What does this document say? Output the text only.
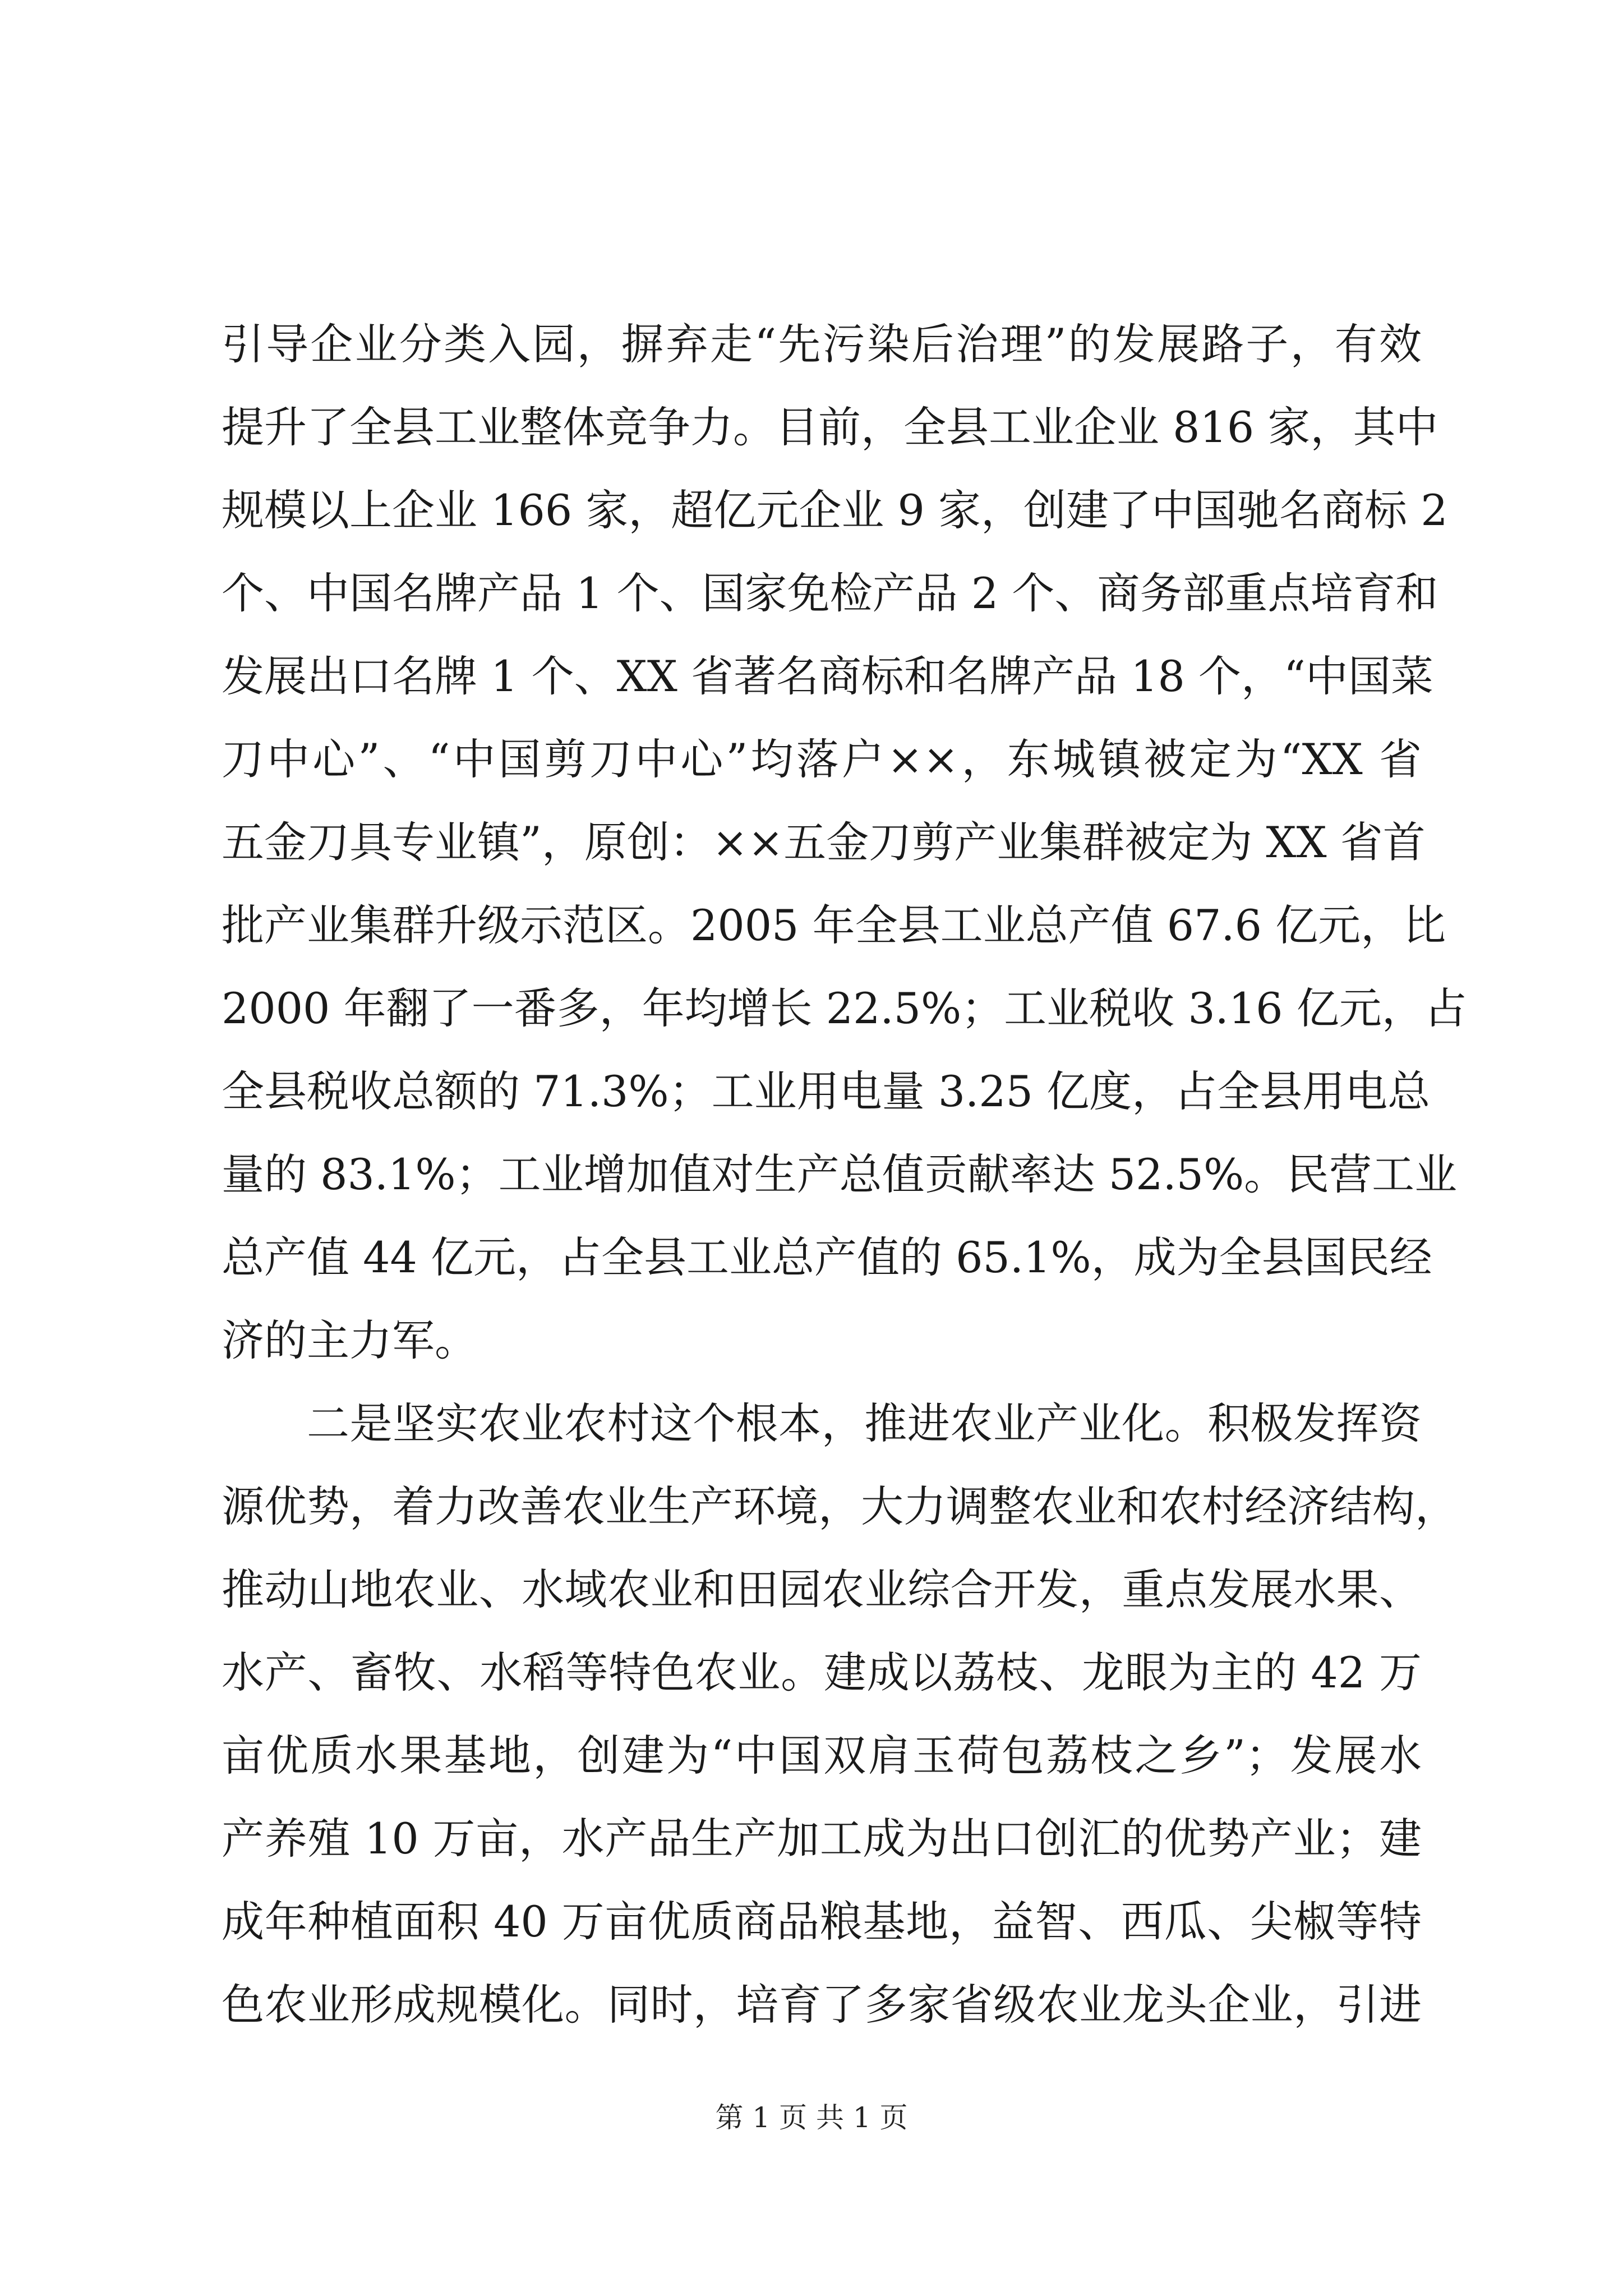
引导企业分类入园，摒弃走“先污染后治理”的发展路子，有效
提升了全县工业整体竞争力。目前，全县工业企业 816 家，其中
规模以上企业 166 家，超亿元企业 9 家，创建了中国驰名商标 2
个、中国名牌产品 1 个、国家免检产品 2 个、商务部重点培育和
发展出口名牌 1 个、XX 省著名商标和名牌产品 18 个，“中国菜
刀中心”、“中国剪刀中心”均落户××，东城镇被定为“XX 省
五金刀具专业镇”，原创：××五金刀剪产业集群被定为 XX 省首
批产业集群升级示范区。2005 年全县工业总产值 67.6 亿元，比
2000 年翻了一番多，年均增长 22.5%；工业税收 3.16 亿元，占
全县税收总额的 71.3%；工业用电量 3.25 亿度，占全县用电总
量的 83.1%；工业增加值对生产总值贡献率达 52.5%。民营工业
总产值 44 亿元，占全县工业总产值的 65.1%，成为全县国民经
济的主力军。
二是坚实农业农村这个根本，推进农业产业化。积极发挥资
源优势，着力改善农业生产环境，大力调整农业和农村经济结构，
推动山地农业、水域农业和田园农业综合开发，重点发展水果、
水产、畜牧、水稻等特色农业。建成以荔枝、龙眼为主的 42 万
亩优质水果基地，创建为“中国双肩玉荷包荔枝之乡”；发展水
产养殖 10 万亩，水产品生产加工成为出口创汇的优势产业；建
成年种植面积 40 万亩优质商品粮基地，益智、西瓜、尖椒等特
色农业形成规模化。同时，培育了多家省级农业龙头企业，引进
第 1 页 共 1 页
